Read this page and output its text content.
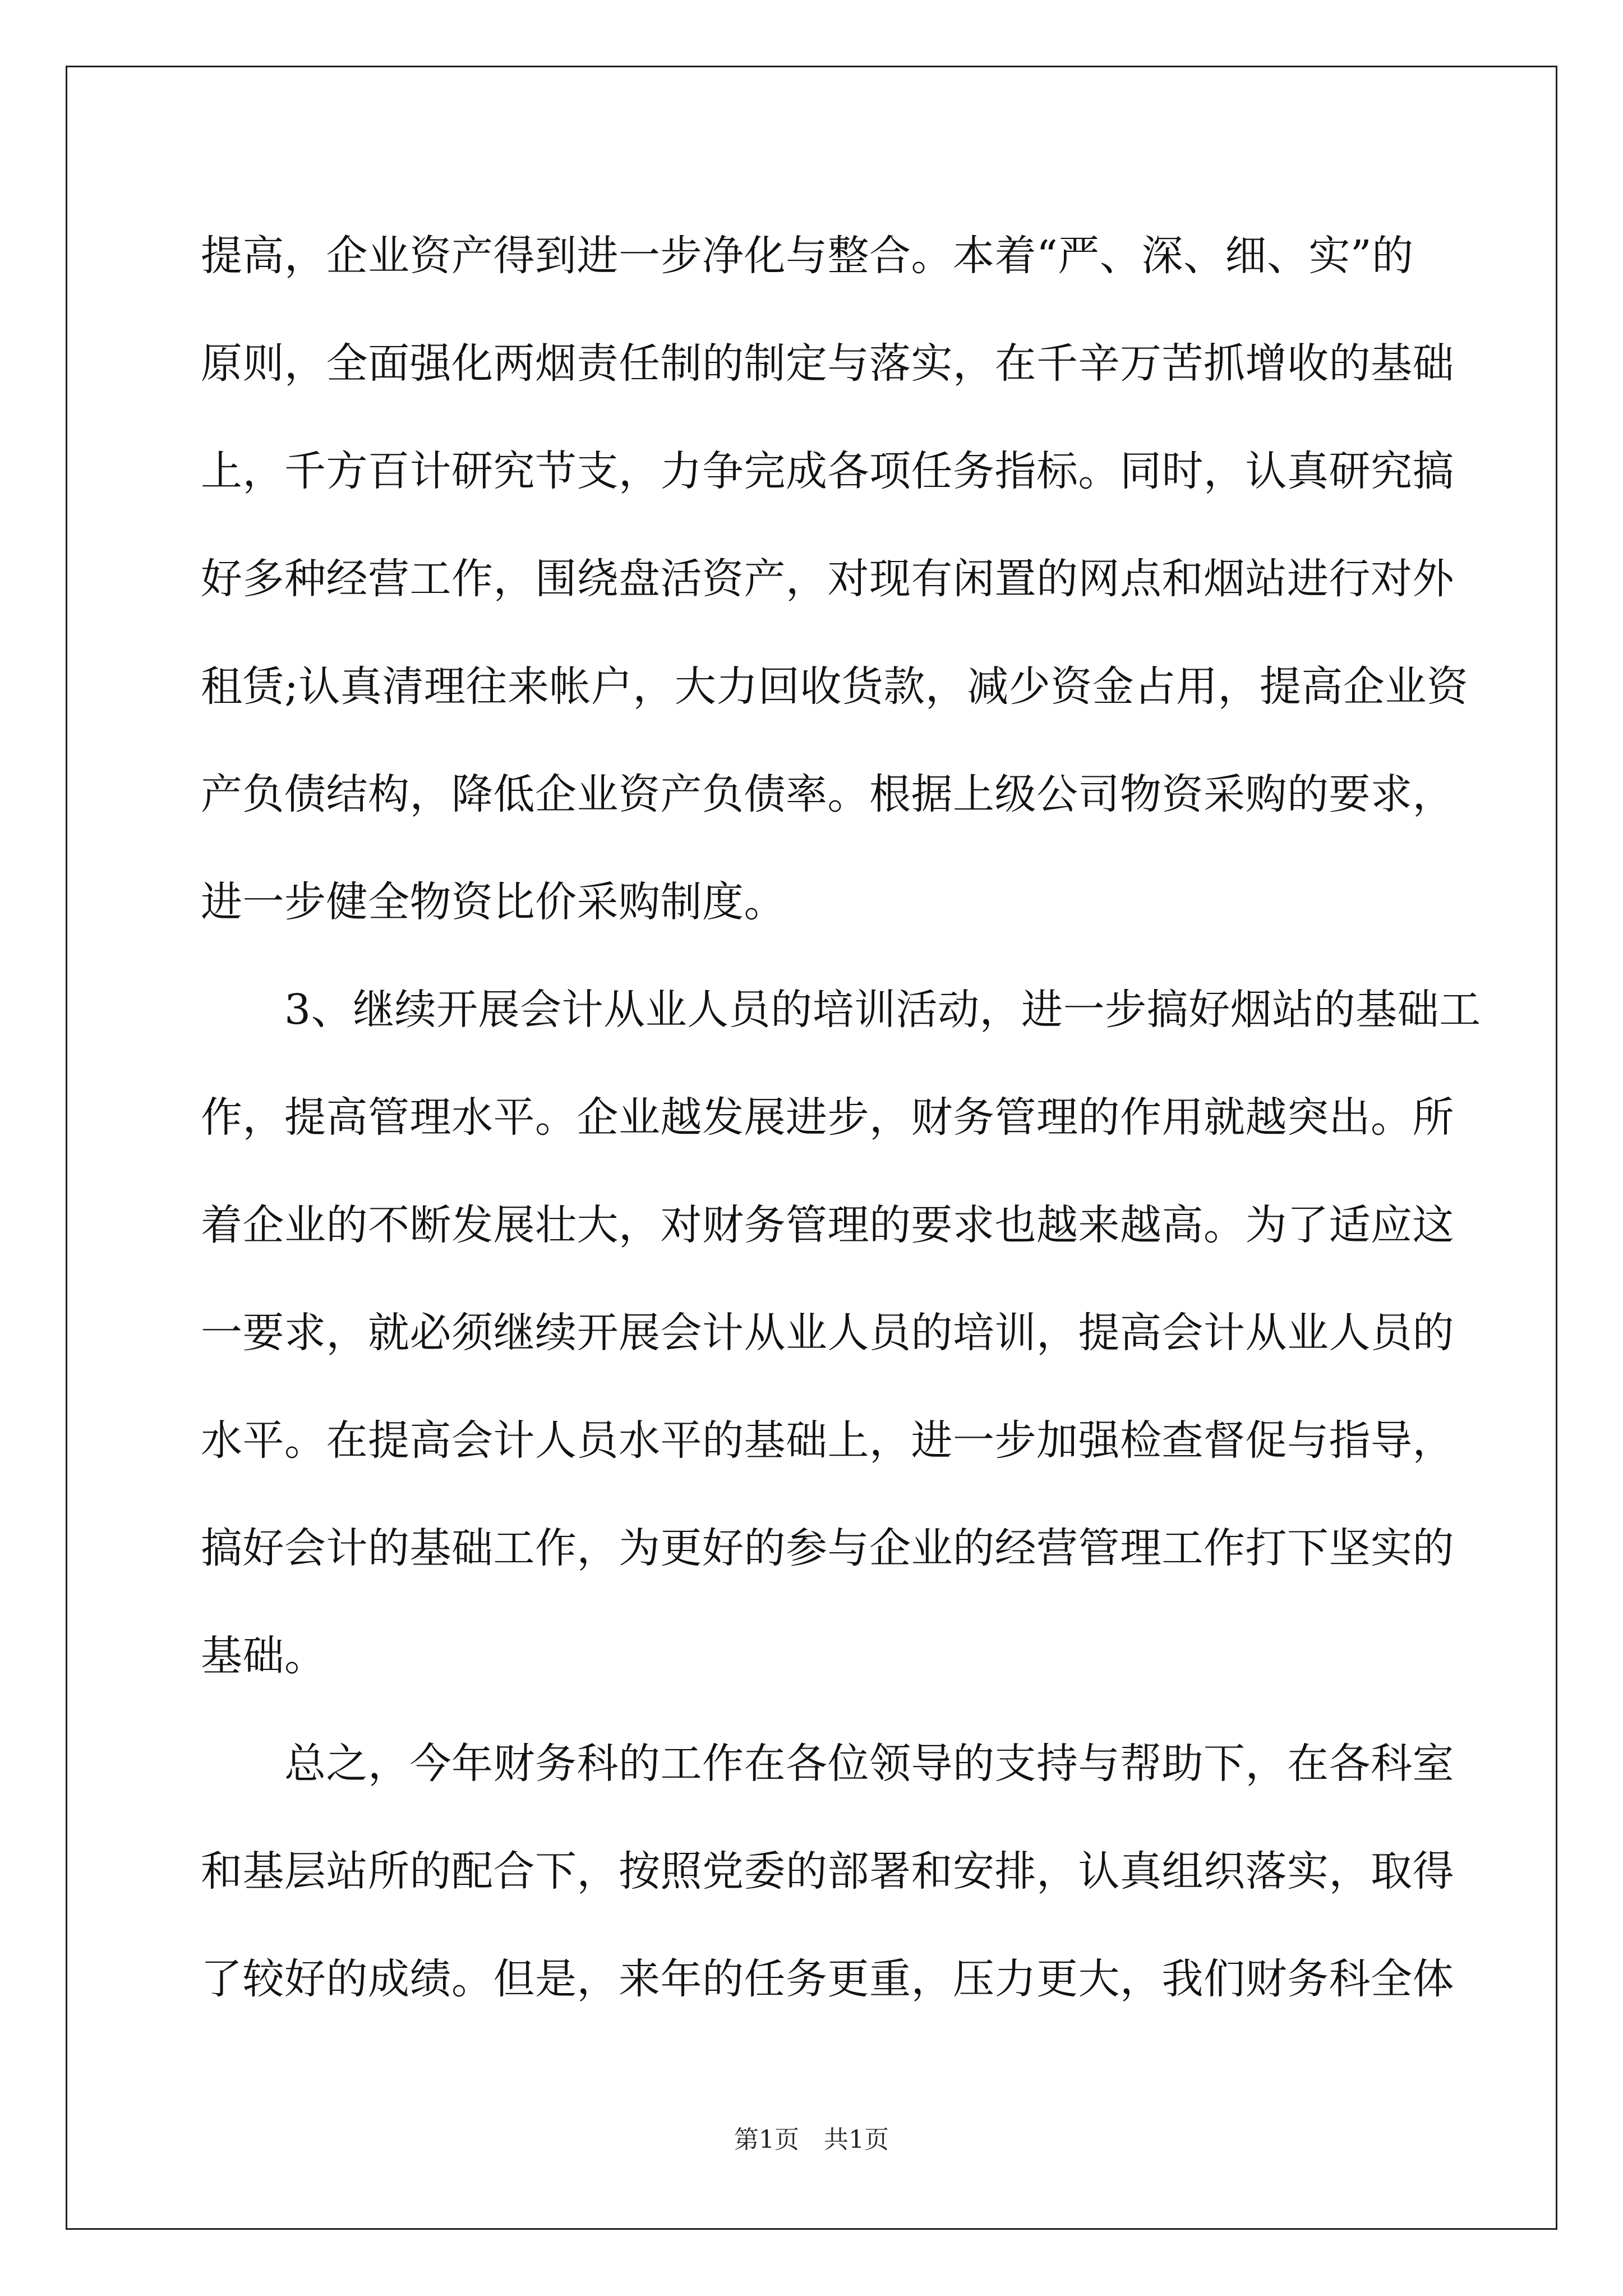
提高，企业资产得到进一步净化与整合。本着“严、深、细、实”的
原则，全面强化两烟责任制的制定与落实，在千辛万苦抓增收的基础
上，千方百计研究节支，力争完成各项任务指标。同时，认真研究搞
好多种经营工作，围绕盘活资产，对现有闲置的网点和烟站进行对外
租赁;认真清理往来帐户，大力回收货款，减少资金占用，提高企业资
产负债结构，降低企业资产负债率。根据上级公司物资采购的要求，
进一步健全物资比价采购制度。
　　3、继续开展会计从业人员的培训活动，进一步搞好烟站的基础工
作，提高管理水平。企业越发展进步，财务管理的作用就越突出。所
着企业的不断发展壮大，对财务管理的要求也越来越高。为了适应这
一要求，就必须继续开展会计从业人员的培训，提高会计从业人员的
水平。在提高会计人员水平的基础上，进一步加强检查督促与指导，
搞好会计的基础工作，为更好的参与企业的经营管理工作打下坚实的
基础。
　　总之，今年财务科的工作在各位领导的支持与帮助下，在各科室
和基层站所的配合下，按照党委的部署和安排，认真组织落实，取得
了较好的成绩。但是，来年的任务更重，压力更大，我们财务科全体
第1页　共1页
